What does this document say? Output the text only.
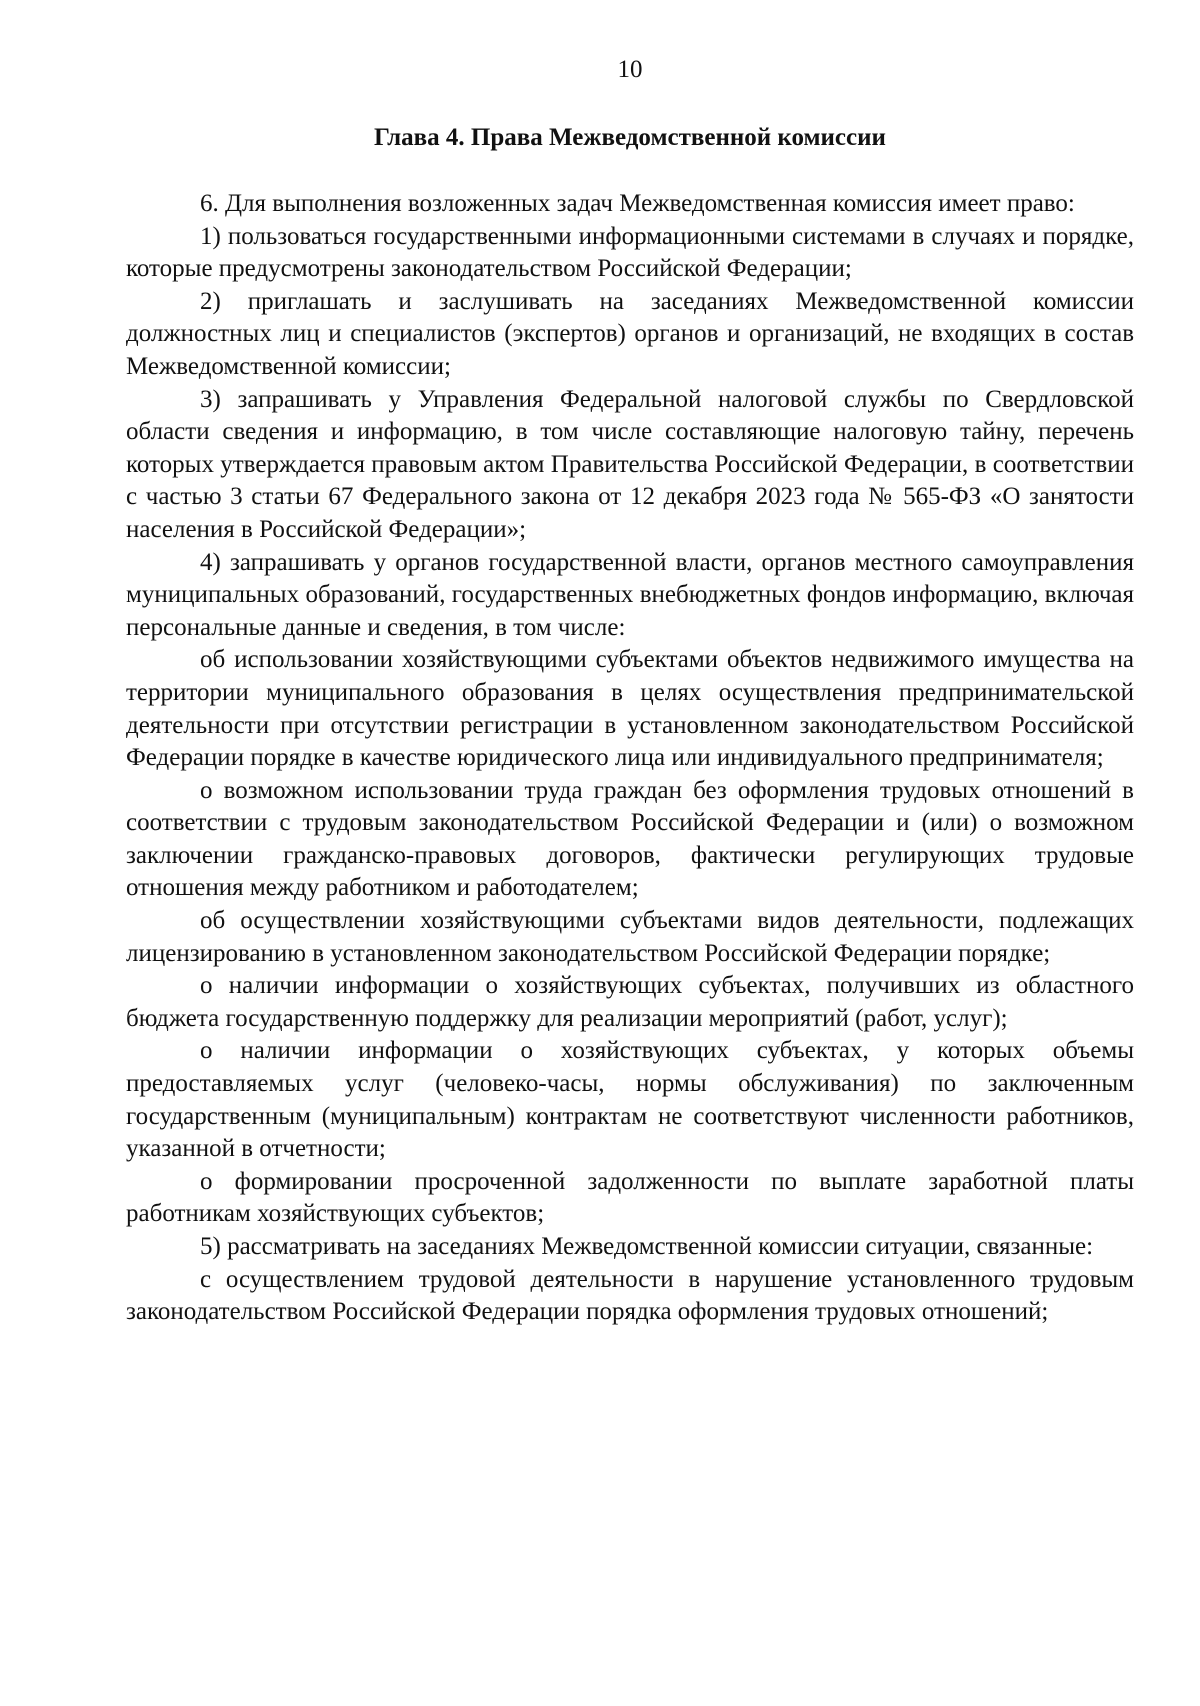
10
Глава 4. Права Межведомственной комиссии

6. Для выполнения возложенных задач Межведомственная комиссия имеет право:

1) пользоваться государственными информационными системами в случаях и порядке, которые предусмотрены законодательством Российской Федерации;

2) приглашать и заслушивать на заседаниях Межведомственной комиссии должностных лиц и специалистов (экспертов) органов и организаций, не входящих в состав Межведомственной комиссии;

3) запрашивать у Управления Федеральной налоговой службы по Свердловской области сведения и информацию, в том числе составляющие налоговую тайну, перечень которых утверждается правовым актом Правительства Российской Федерации, в соответствии с частью 3 статьи 67 Федерального закона от 12 декабря 2023 года № 565-ФЗ «О занятости населения в Российской Федерации»;

4) запрашивать у органов государственной власти, органов местного самоуправления муниципальных образований, государственных внебюджетных фондов информацию, включая персональные данные и сведения, в том числе:

об использовании хозяйствующими субъектами объектов недвижимого имущества на территории муниципального образования в целях осуществления предпринимательской деятельности при отсутствии регистрации в установленном законодательством Российской Федерации порядке в качестве юридического лица или индивидуального предпринимателя;

о возможном использовании труда граждан без оформления трудовых отношений в соответствии с трудовым законодательством Российской Федерации и (или) о возможном заключении гражданско-правовых договоров, фактически регулирующих трудовые отношения между работником и работодателем;

об осуществлении хозяйствующими субъектами видов деятельности, подлежащих лицензированию в установленном законодательством Российской Федерации порядке;

о наличии информации о хозяйствующих субъектах, получивших из областного бюджета государственную поддержку для реализации мероприятий (работ, услуг);

о наличии информации о хозяйствующих субъектах, у которых объемы предоставляемых услуг (человеко-часы, нормы обслуживания) по заключенным государственным (муниципальным) контрактам не соответствуют численности работников, указанной в отчетности;

о формировании просроченной задолженности по выплате заработной платы работникам хозяйствующих субъектов;

5) рассматривать на заседаниях Межведомственной комиссии ситуации, связанные:

с осуществлением трудовой деятельности в нарушение установленного трудовым законодательством Российской Федерации порядка оформления трудовых отношений;
